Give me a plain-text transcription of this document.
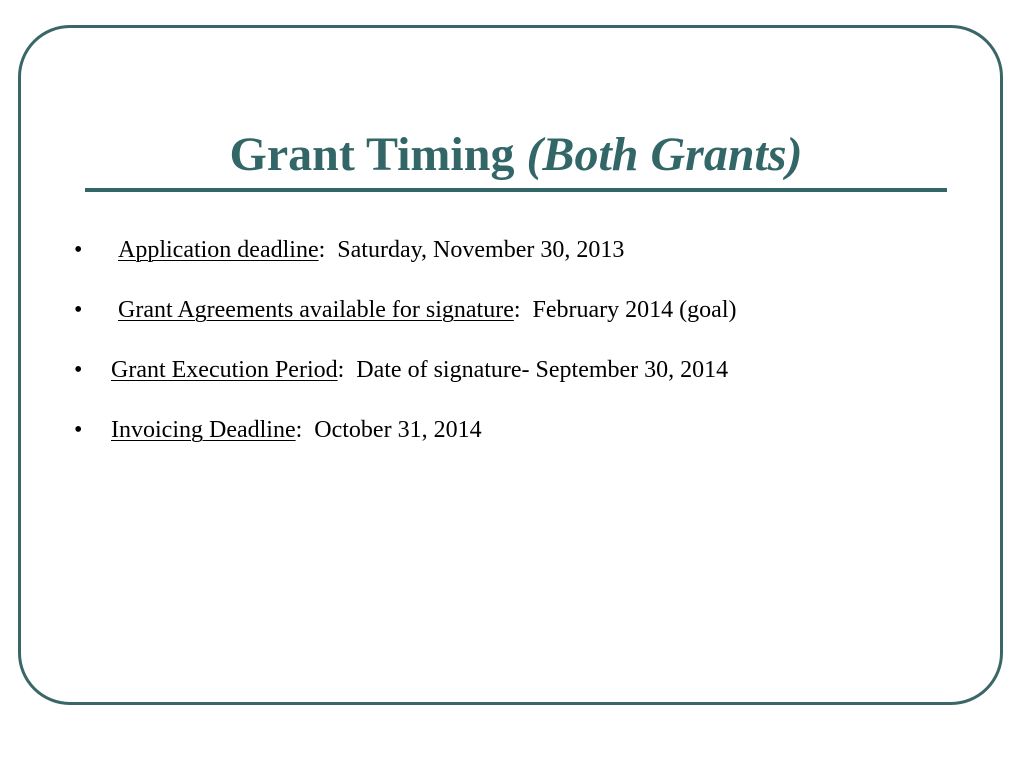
Grant Timing (Both Grants)
• Application deadline: Saturday, November 30, 2013
• Grant Agreements available for signature: February 2014 (goal)
• Grant Execution Period: Date of signature- September 30, 2014
• Invoicing Deadline: October 31, 2014
